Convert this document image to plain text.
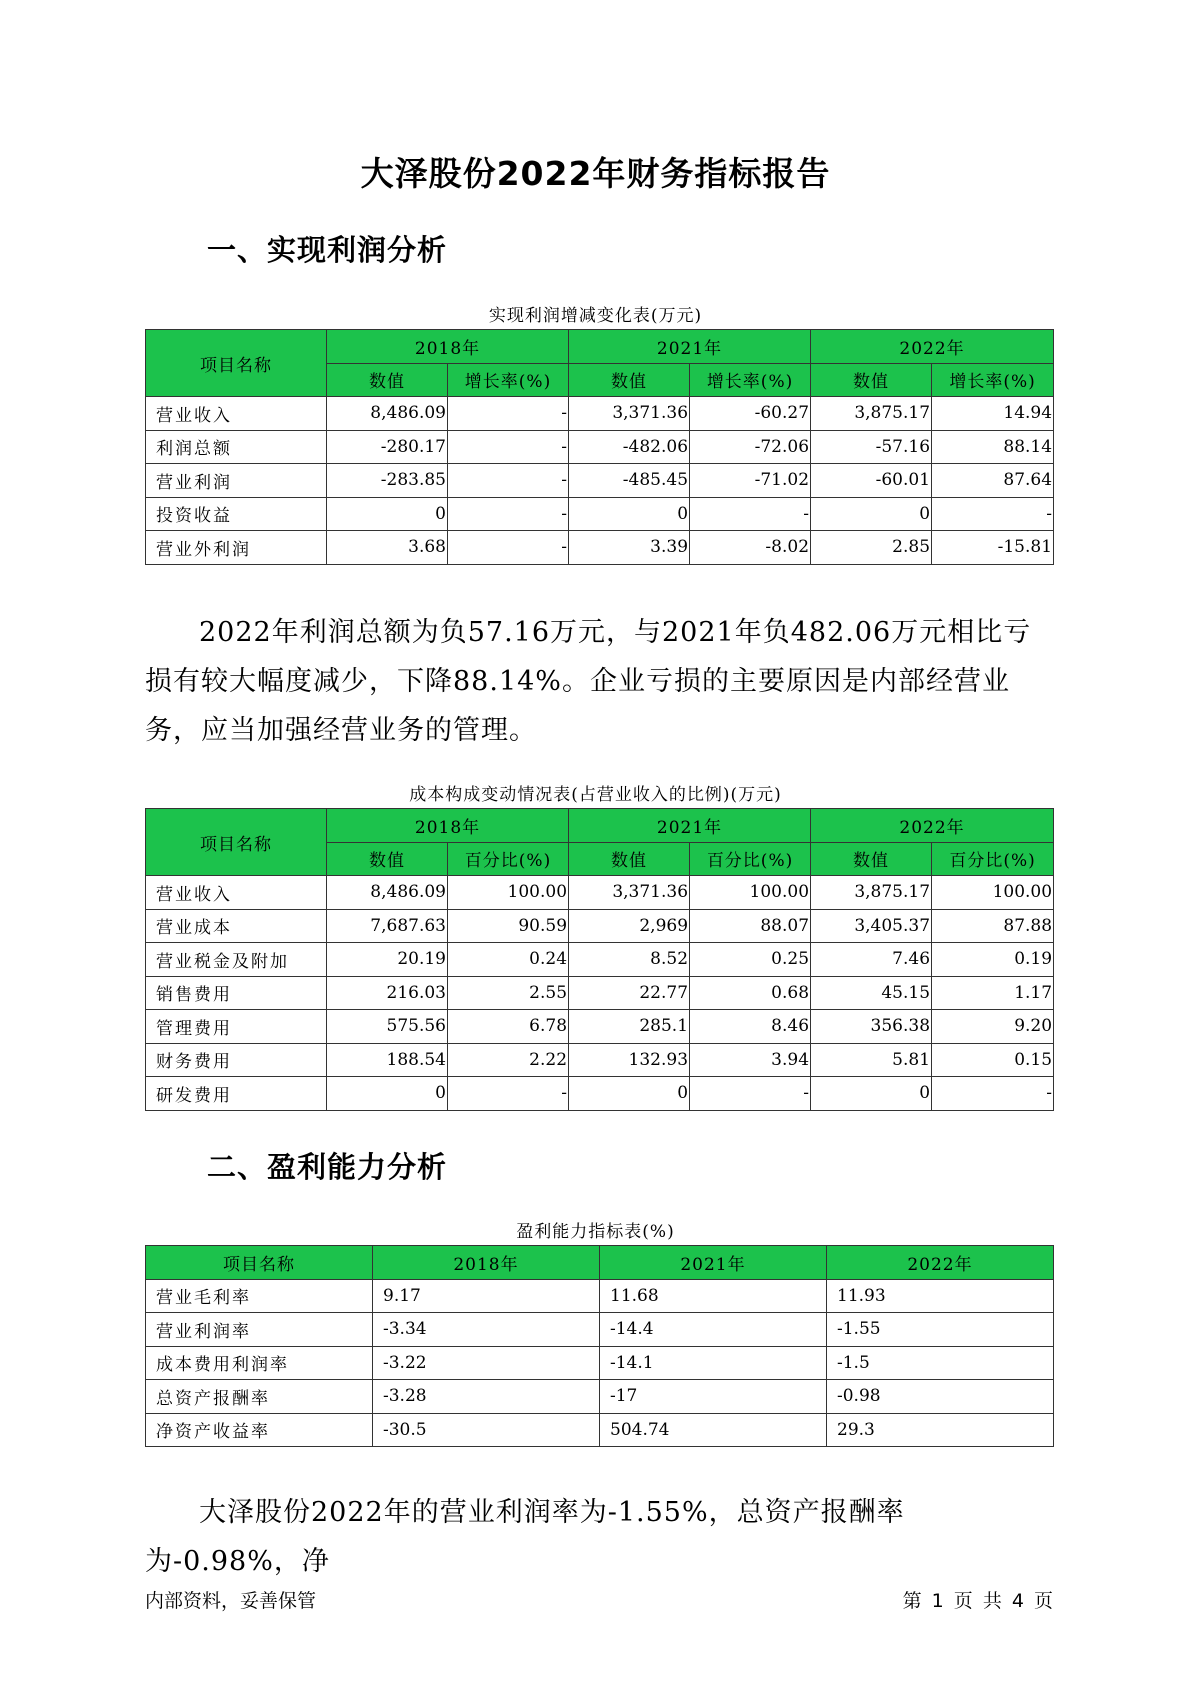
大泽股份2022年财务指标报告
一、实现利润分析
实现利润增减变化表(万元)
项目名称	2018年		2021年		2022年	
	数值	增长率(%)	数值	增长率(%)	数值	增长率(%)
营业收入	8,486.09	-	3,371.36	-60.27	3,875.17	14.94
利润总额	-280.17	-	-482.06	-72.06	-57.16	88.14
营业利润	-283.85	-	-485.45	-71.02	-60.01	87.64
投资收益	0	-	0	-	0	-
营业外利润	3.68	-	3.39	-8.02	2.85	-15.81
2022年利润总额为负57.16万元，与2021年负482.06万元相比亏损有较大幅度减少，下降88.14%。企业亏损的主要原因是内部经营业务，应当加强经营业务的管理。
成本构成变动情况表(占营业收入的比例)(万元)
项目名称	2018年		2021年		2022年	
	数值	百分比(%)	数值	百分比(%)	数值	百分比(%)
营业收入	8,486.09	100.00	3,371.36	100.00	3,875.17	100.00
营业成本	7,687.63	90.59	2,969	88.07	3,405.37	87.88
营业税金及附加	20.19	0.24	8.52	0.25	7.46	0.19
销售费用	216.03	2.55	22.77	0.68	45.15	1.17
管理费用	575.56	6.78	285.1	8.46	356.38	9.20
财务费用	188.54	2.22	132.93	3.94	5.81	0.15
研发费用	0	-	0	-	0	-
二、盈利能力分析
盈利能力指标表(%)
项目名称	2018年	2021年	2022年
营业毛利率	9.17	11.68	11.93
营业利润率	-3.34	-14.4	-1.55
成本费用利润率	-3.22	-14.1	-1.5
总资产报酬率	-3.28	-17	-0.98
净资产收益率	-30.5	504.74	29.3
大泽股份2022年的营业利润率为-1.55%，总资产报酬率为-0.98%，净
内部资料，妥善保管	第 1 页 共 4 页
